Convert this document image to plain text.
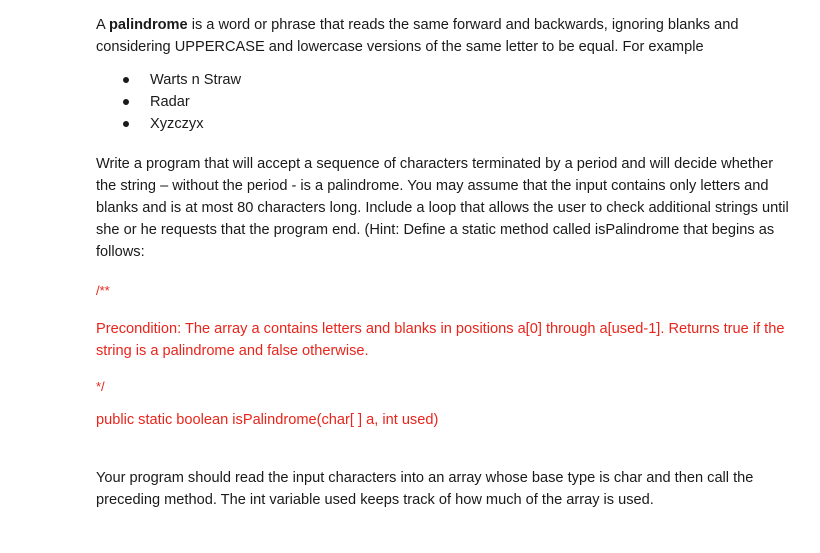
A palindrome is a word or phrase that reads the same forward and backwards, ignoring blanks and considering UPPERCASE and lowercase versions of the same letter to be equal. For example

Warts n Straw
Radar
Xyzczyx

Write a program that will accept a sequence of characters terminated by a period and will decide whether the string – without the period - is a palindrome. You may assume that the input contains only letters and blanks and is at most 80 characters long. Include a loop that allows the user to check additional strings until she or he requests that the program end. (Hint: Define a static method called isPalindrome that begins as follows:

/**

Precondition: The array a contains letters and blanks in positions a[0] through a[used-1]. Returns true if the string is a palindrome and false otherwise.

*/

public static boolean isPalindrome(char[ ] a, int used)

Your program should read the input characters into an array whose base type is char and then call the preceding method. The int variable used keeps track of how much of the array is used.
